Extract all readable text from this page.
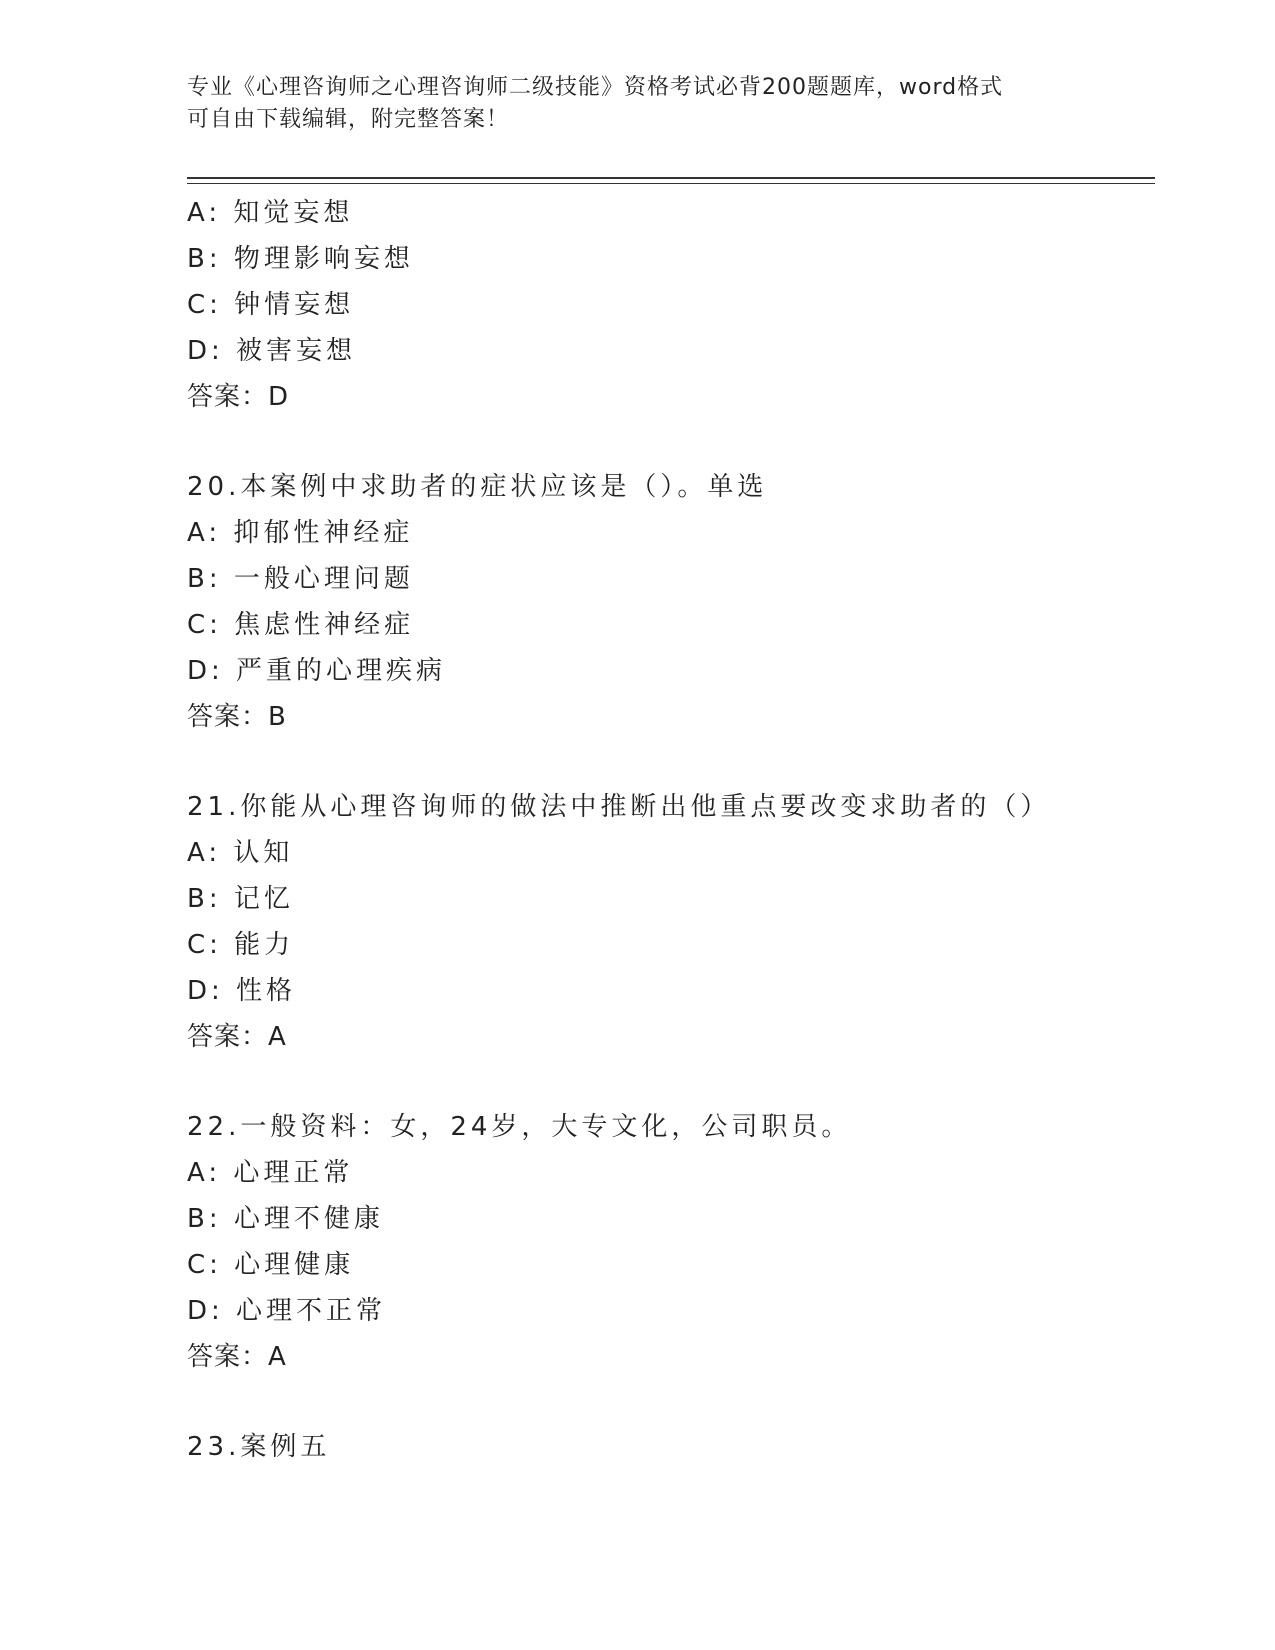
专业《心理咨询师之心理咨询师二级技能》资格考试必背200题题库，word格式
可自由下载编辑，附完整答案！
A: 知觉妄想
B: 物理影响妄想
C: 钟情妄想
D: 被害妄想
答案：D
20.本案例中求助者的症状应该是（）。单选
A: 抑郁性神经症
B: 一般心理问题
C: 焦虑性神经症
D: 严重的心理疾病
答案：B
21.你能从心理咨询师的做法中推断出他重点要改变求助者的（）
A: 认知
B: 记忆
C: 能力
D: 性格
答案：A
22.一般资料：女，24岁，大专文化，公司职员。
A: 心理正常
B: 心理不健康
C: 心理健康
D: 心理不正常
答案：A
23.案例五
